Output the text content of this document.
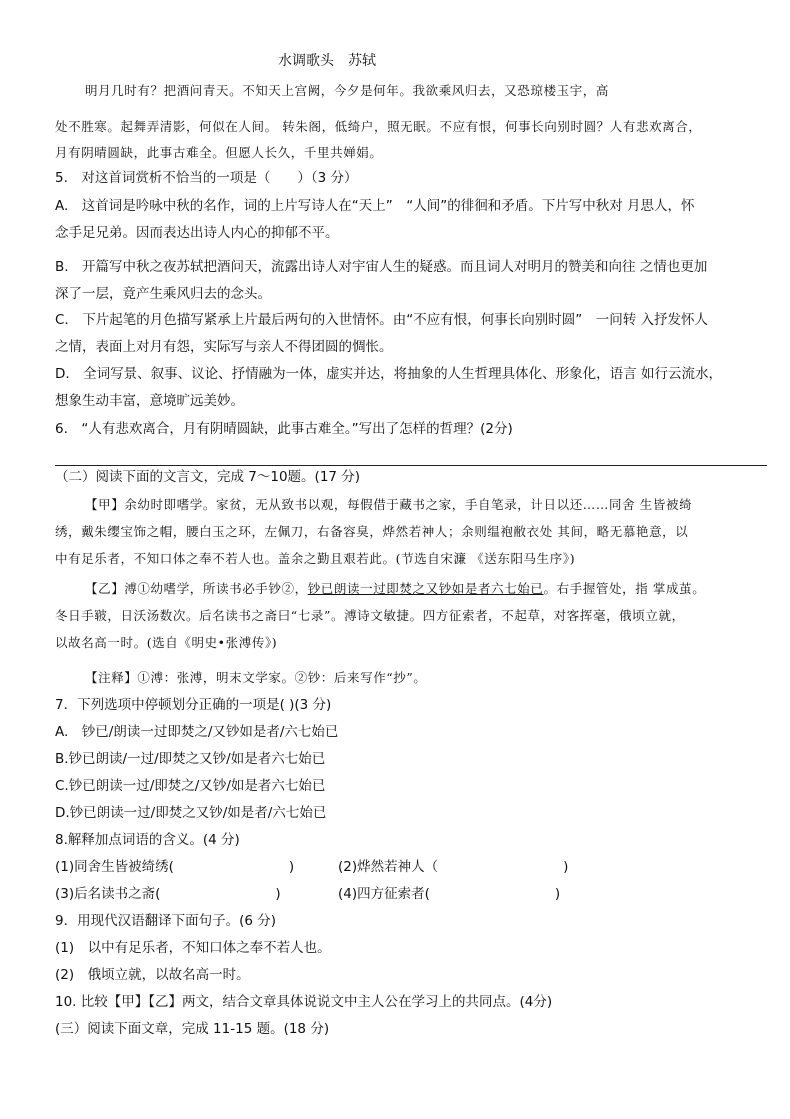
水调歌头　苏轼
明月几时有？把酒问青天。不知天上宫阙，今夕是何年。我欲乘风归去，又恐琼楼玉宇，高
处不胜寒。起舞弄清影，何似在人间。 转朱阁，低绮户，照无眠。不应有恨，何事长向别时圆？人有悲欢离合，
月有阴晴圆缺，此事古难全。但愿人长久，千里共婵娟。
5.　对这首词赏析不恰当的一项是（　　）（3 分）
A.　这首词是吟咏中秋的名作，词的上片写诗人在“天上”　“人间”的徘徊和矛盾。下片写中秋对 月思人，怀
念手足兄弟。因而表达出诗人内心的抑郁不平。
B.　开篇写中秋之夜苏轼把酒问天，流露出诗人对宇宙人生的疑惑。而且词人对明月的赞美和向往 之情也更加
深了一层，竟产生乘风归去的念头。
C.　下片起笔的月色描写紧承上片最后两句的入世情怀。由“不应有恨，何事长向别时圆”　一问转 入抒发怀人
之情，表面上对月有怨，实际写与亲人不得团圆的惆怅。
D.　全词写景、叙事、议论、抒情融为一体，虚实并达，将抽象的人生哲理具体化、形象化，语言 如行云流水，
想象生动丰富，意境旷远美妙。
6.　“人有悲欢离合，月有阴晴圆缺，此事古难全。”写出了怎样的哲理？(2分)
（二）阅读下面的文言文，完成 7～10题。(17 分)
【甲】余幼时即嗜学。家贫，无从致书以观，每假借于藏书之家，手自笔录，计日以还……同舍 生皆被绮
绣，戴朱缨宝饰之帽，腰白玉之环，左佩刀，右备容臭，烨然若神人；余则缊袍敝衣处 其间，略无慕艳意，以
中有足乐者，不知口体之奉不若人也。盖余之勤且艰若此。(节选自宋濂 《送东阳马生序》)
【乙】溥①幼嗜学，所读书必手钞②，钞已朗读一过即焚之又钞如是者六七始已。右手握管处，指 掌成茧。
冬日手皲，日沃汤数次。后名读书之斋曰“七录”。溥诗文敏捷。四方征索者，不起草，对客挥毫，俄顷立就，
以故名高一时。(选自《明史•张溥传》)
【注释】①溥：张溥，明末文学家。②钞：后来写作“抄”。
7．下列选项中停顿划分正确的一项是( )(3 分)
A.　钞已/朗读一过即焚之/又钞如是者/六七始已
B.钞已朗读/一过/即焚之又钞/如是者六七始已
C.钞已朗读一过/即焚之/又钞/如是者六七始已
D.钞已朗读一过/即焚之又钞/如是者/六七始已
8.解释加点词语的含义。(4 分)
(1)同舍生皆被绮绣(	)	(2)烨然若神人（	)
(3)后名读书之斋(	)	(4)四方征索者(	)
9．用现代汉语翻译下面句子。(6 分)
(1)　以中有足乐者，不知口体之奉不若人也。
(2)　俄顷立就，以故名高一时。
10. 比较【甲】【乙】两文，结合文章具体说说文中主人公在学习上的共同点。(4分)
(三）阅读下面文章，完成 11-15 题。(18 分)
